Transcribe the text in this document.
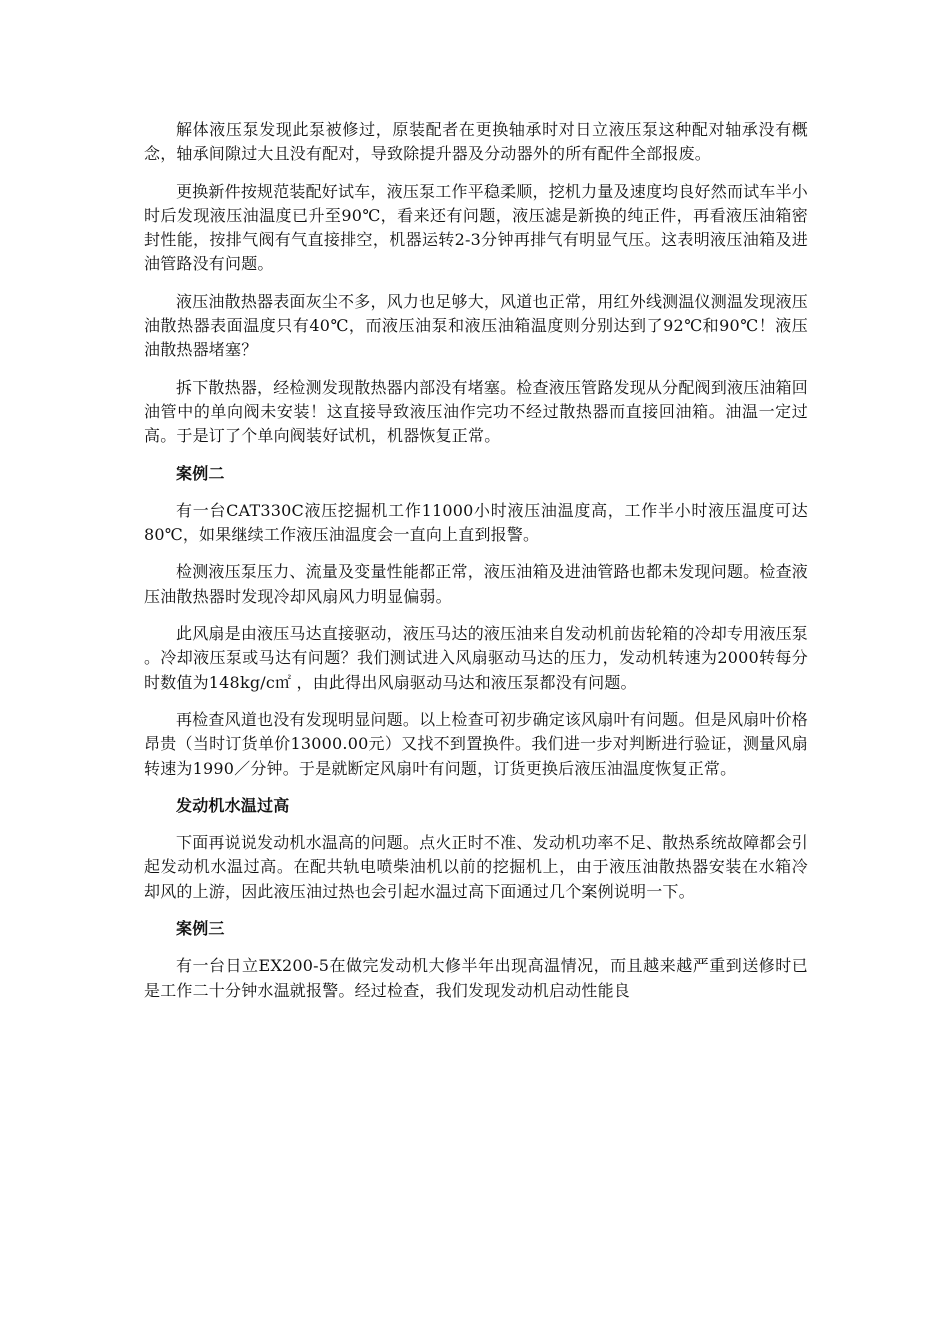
解体液压泵发现此泵被修过，原装配者在更换轴承时对日立液压泵这种配对轴承没有概念，轴承间隙过大且没有配对，导致除提升器及分动器外的所有配件全部报废。

更换新件按规范装配好试车，液压泵工作平稳柔顺，挖机力量及速度均良好然而试车半小时后发现液压油温度已升至90℃，看来还有问题，液压滤是新换的纯正件，再看液压油箱密封性能，按排气阀有气直接排空，机器运转2-3分钟再排气有明显气压。这表明液压油箱及进油管路没有问题。

液压油散热器表面灰尘不多，风力也足够大，风道也正常，用红外线测温仪测温发现液压油散热器表面温度只有40℃，而液压油泵和液压油箱温度则分别达到了92℃和90℃！液压油散热器堵塞？

拆下散热器，经检测发现散热器内部没有堵塞。检查液压管路发现从分配阀到液压油箱回油管中的单向阀未安装！这直接导致液压油作完功不经过散热器而直接回油箱。油温一定过高。于是订了个单向阀装好试机，机器恢复正常。

案例二

有一台CAT330C液压挖掘机工作11000小时液压油温度高，工作半小时液压温度可达80℃，如果继续工作液压油温度会一直向上直到报警。

检测液压泵压力、流量及变量性能都正常，液压油箱及进油管路也都未发现问题。检查液压油散热器时发现冷却风扇风力明显偏弱。

此风扇是由液压马达直接驱动，液压马达的液压油来自发动机前齿轮箱的冷却专用液压泵 。冷却液压泵或马达有问题？我们测试进入风扇驱动马达的压力，发动机转速为2000转每分时数值为148kg/c㎡ ，由此得出风扇驱动马达和液压泵都没有问题。

再检查风道也没有发现明显问题。以上检查可初步确定该风扇叶有问题。但是风扇叶价格昂贵（当时订货单价13000.00元）又找不到置换件。我们进一步对判断进行验证，测量风扇转速为1990／分钟。于是就断定风扇叶有问题，订货更换后液压油温度恢复正常。

发动机水温过高

下面再说说发动机水温高的问题。点火正时不准、发动机功率不足、散热系统故障都会引起发动机水温过高。在配共轨电喷柴油机以前的挖掘机上，由于液压油散热器安装在水箱冷却风的上游，因此液压油过热也会引起水温过高下面通过几个案例说明一下。

案例三

有一台日立EX200-5在做完发动机大修半年出现高温情况，而且越来越严重到送修时已是工作二十分钟水温就报警。经过检查，我们发现发动机启动性能良
